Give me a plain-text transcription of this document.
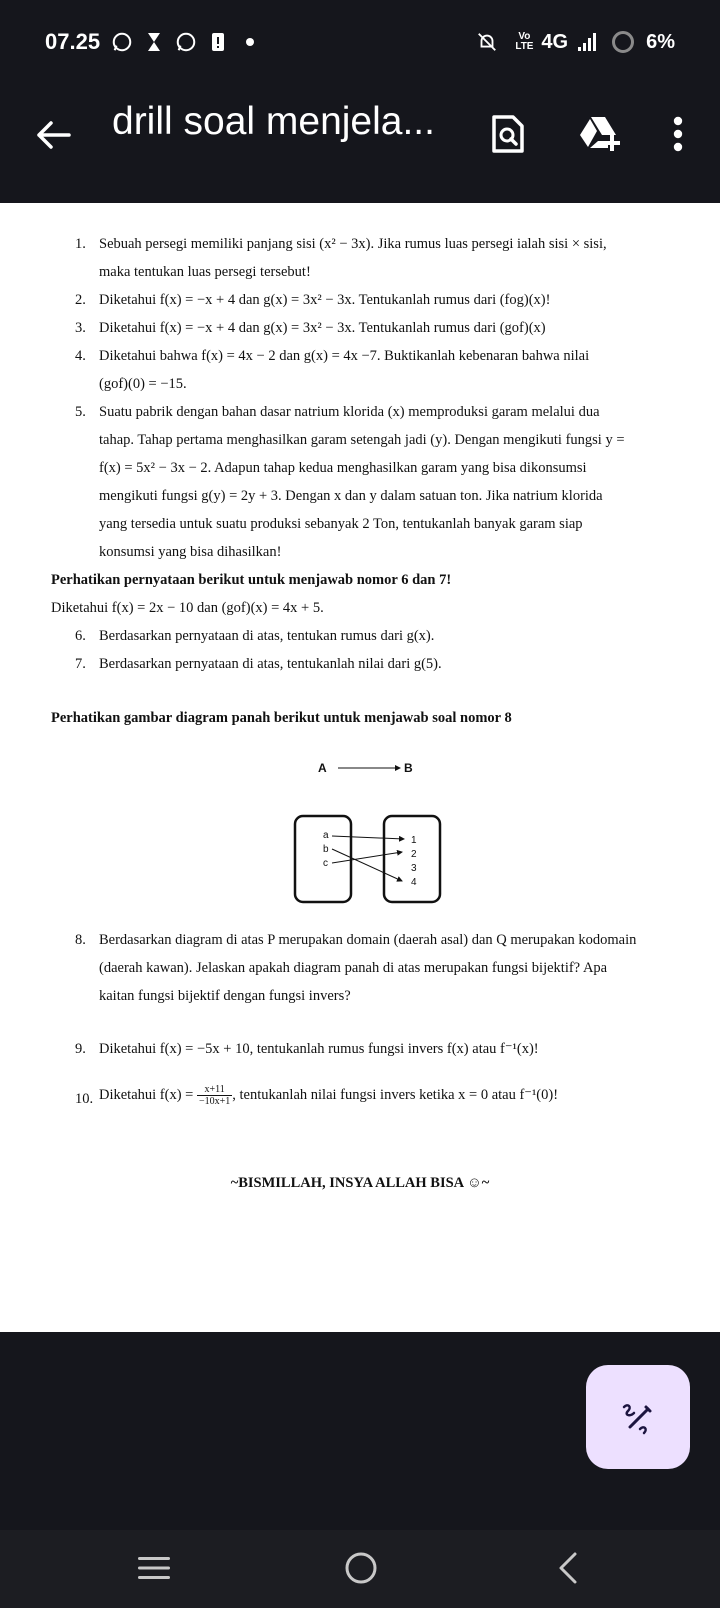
07.25	Vo LTE 4G	6%
drill soal menjela...
1. Sebuah persegi memiliki panjang sisi (x² − 3x). Jika rumus luas persegi ialah sisi × sisi,
maka tentukan luas persegi tersebut!
2. Diketahui f(x) = −x + 4 dan g(x) = 3x² − 3x. Tentukanlah rumus dari (fog)(x)!
3. Diketahui f(x) = −x + 4 dan g(x) = 3x² − 3x. Tentukanlah rumus dari (gof)(x)
4. Diketahui bahwa f(x) = 4x − 2 dan g(x) = 4x −7. Buktikanlah kebenaran bahwa nilai
(gof)(0) = −15.
5. Suatu pabrik dengan bahan dasar natrium klorida (x) memproduksi garam melalui dua
tahap. Tahap pertama menghasilkan garam setengah jadi (y). Dengan mengikuti fungsi y =
f(x) = 5x² − 3x − 2. Adapun tahap kedua menghasilkan garam yang bisa dikonsumsi
mengikuti fungsi g(y) = 2y + 3. Dengan x dan y dalam satuan ton. Jika natrium klorida
yang tersedia untuk suatu produksi sebanyak 2 Ton, tentukanlah banyak garam siap
konsumsi yang bisa dihasilkan!
Perhatikan pernyataan berikut untuk menjawab nomor 6 dan 7!
Diketahui f(x) = 2x − 10 dan (gof)(x) = 4x + 5.
6. Berdasarkan pernyataan di atas, tentukan rumus dari g(x).
7. Berdasarkan pernyataan di atas, tentukanlah nilai dari g(5).
Perhatikan gambar diagram panah berikut untuk menjawab soal nomor 8
A	B
a
b
c
1
2
3
4
8. Berdasarkan diagram di atas P merupakan domain (daerah asal) dan Q merupakan kodomain
(daerah kawan). Jelaskan apakah diagram panah di atas merupakan fungsi bijektif? Apa
kaitan fungsi bijektif dengan fungsi invers?
9. Diketahui f(x) = −5x + 10, tentukanlah rumus fungsi invers f(x) atau f⁻¹(x)!
10. Diketahui $f(x) = \frac{x+11}{-10x+1}$ , tentukanlah nilai fungsi invers ketika x = 0 atau f⁻¹(0)!
~BISMILLAH, INSYA ALLAH BISA ☺~
